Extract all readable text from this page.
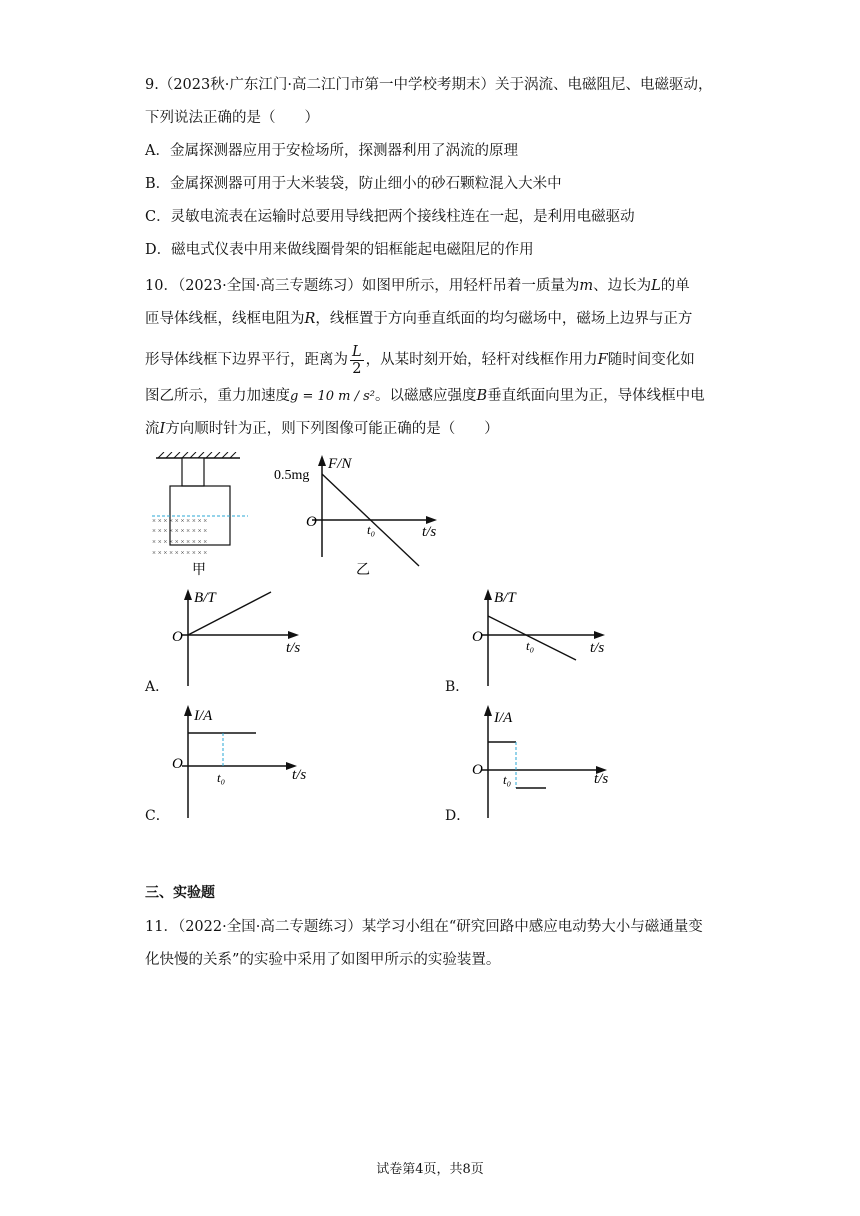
9.（2023秋·广东江门·高二江门市第一中学校考期末）关于涡流、电磁阻尼、电磁驱动，
下列说法正确的是（　　）
A．金属探测器应用于安检场所，探测器利用了涡流的原理
B．金属探测器可用于大米装袋，防止细小的砂石颗粒混入大米中
C．灵敏电流表在运输时总要用导线把两个接线柱连在一起，是利用电磁驱动
D．磁电式仪表中用来做线圈骨架的铝框能起电磁阻尼的作用
10．（2023·全国·高三专题练习）如图甲所示，用轻杆吊着一质量为m、边长为L的单
匝导体线框，线框电阻为R，线框置于方向垂直纸面的均匀磁场中，磁场上边界与正方
形导体线框下边界平行，距离为 $\frac{L}{2}$ ，从某时刻开始，轻杆对线框作用力F随时间变化如
图乙所示，重力加速度g = 10 m / s²。以磁感应强度B垂直纸面向里为正，导体线框中电
流I方向顺时针为正，则下列图像可能正确的是（　　）
× × × × × × × × × ×
× × × × × × × × × ×
× × × × × × × × × ×
× × × × × × × × × ×
甲
F/N
0.5mg
O	t₀	t/s
乙
A．
B/T
O
t/s
B．
B/T
O
t₀	t/s
C．
I/A
O
t₀	t/s
D．
I/A
O
t₀	t/s
三、实验题
11．（2022·全国·高二专题练习）某学习小组在“研究回路中感应电动势大小与磁通量变
化快慢的关系”的实验中采用了如图甲所示的实验装置。
试卷第4页，共8页
